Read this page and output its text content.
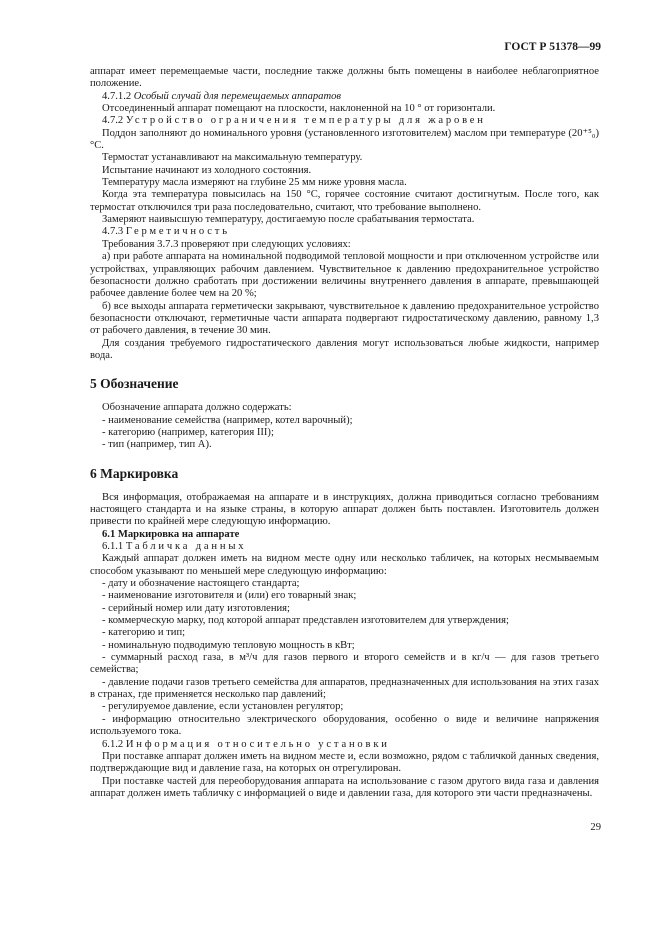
ГОСТ Р 51378—99

аппарат имеет перемещаемые части, последние также должны быть помещены в наиболее неблагоприятное положение.

4.7.1.2 Особый случай для перемещаемых аппаратов

Отсоединенный аппарат помещают на плоскости, наклоненной на 10 ° от горизонтали.

4.7.2 Устройство ограничения температуры для жаровен

Поддон заполняют до номинального уровня (установленного изготовителем) маслом при температуре (20⁺⁵₀) °С.

Термостат устанавливают на максимальную температуру.

Испытание начинают из холодного состояния.

Температуру масла измеряют на глубине 25 мм ниже уровня масла.

Когда эта температура повысилась на 150 °С, горячее состояние считают достигнутым. После того, как термостат отключился три раза последовательно, считают, что требование выполнено.

Замеряют наивысшую температуру, достигаемую после срабатывания термостата.

4.7.3 Герметичность

Требования 3.7.3 проверяют при следующих условиях:

а) при работе аппарата на номинальной подводимой тепловой мощности и при отключенном устройстве или устройствах, управляющих рабочим давлением. Чувствительное к давлению предохранительное устройство безопасности должно сработать при достижении величины внутреннего давления в аппарате, превышающей рабочее давление более чем на 20 %;

б) все выходы аппарата герметически закрывают, чувствительное к давлению предохранительное устройство безопасности отключают, герметичные части аппарата подвергают гидростатическому давлению, равному 1,3 от рабочего давления, в течение 30 мин.

Для создания требуемого гидростатического давления могут использоваться любые жидкости, например вода.

5 Обозначение

Обозначение аппарата должно содержать:

- наименование семейства (например, котел варочный);

- категорию (например, категория III);

- тип (например, тип А).

6 Маркировка

Вся информация, отображаемая на аппарате и в инструкциях, должна приводиться согласно требованиям настоящего стандарта и на языке страны, в которую аппарат должен быть поставлен. Изготовитель должен привести по крайней мере следующую информацию.

6.1 Маркировка на аппарате

6.1.1 Табличка данных

Каждый аппарат должен иметь на видном месте одну или несколько табличек, на которых несмываемым способом указывают по меньшей мере следующую информацию:

- дату и обозначение настоящего стандарта;

- наименование изготовителя и (или) его товарный знак;

- серийный номер или дату изготовления;

- коммерческую марку, под которой аппарат представлен изготовителем для утверждения;

- категорию и тип;

- номинальную подводимую тепловую мощность в кВт;

- суммарный расход газа, в м³/ч для газов первого и второго семейств и в кг/ч — для газов третьего семейства;

- давление подачи газов третьего семейства для аппаратов, предназначенных для использования на этих газах в странах, где применяется несколько пар давлений;

- регулируемое давление, если установлен регулятор;

- информацию относительно электрического оборудования, особенно о виде и величине напряжения используемого тока.

6.1.2 Информация относительно установки

При поставке аппарат должен иметь на видном месте и, если возможно, рядом с табличкой данных сведения, подтверждающие вид и давление газа, на которых он отрегулирован.

При поставке частей для переоборудования аппарата на использование с газом другого вида газа и давления аппарат должен иметь табличку с информацией о виде и давлении газа, для которого эти части предназначены.

29
